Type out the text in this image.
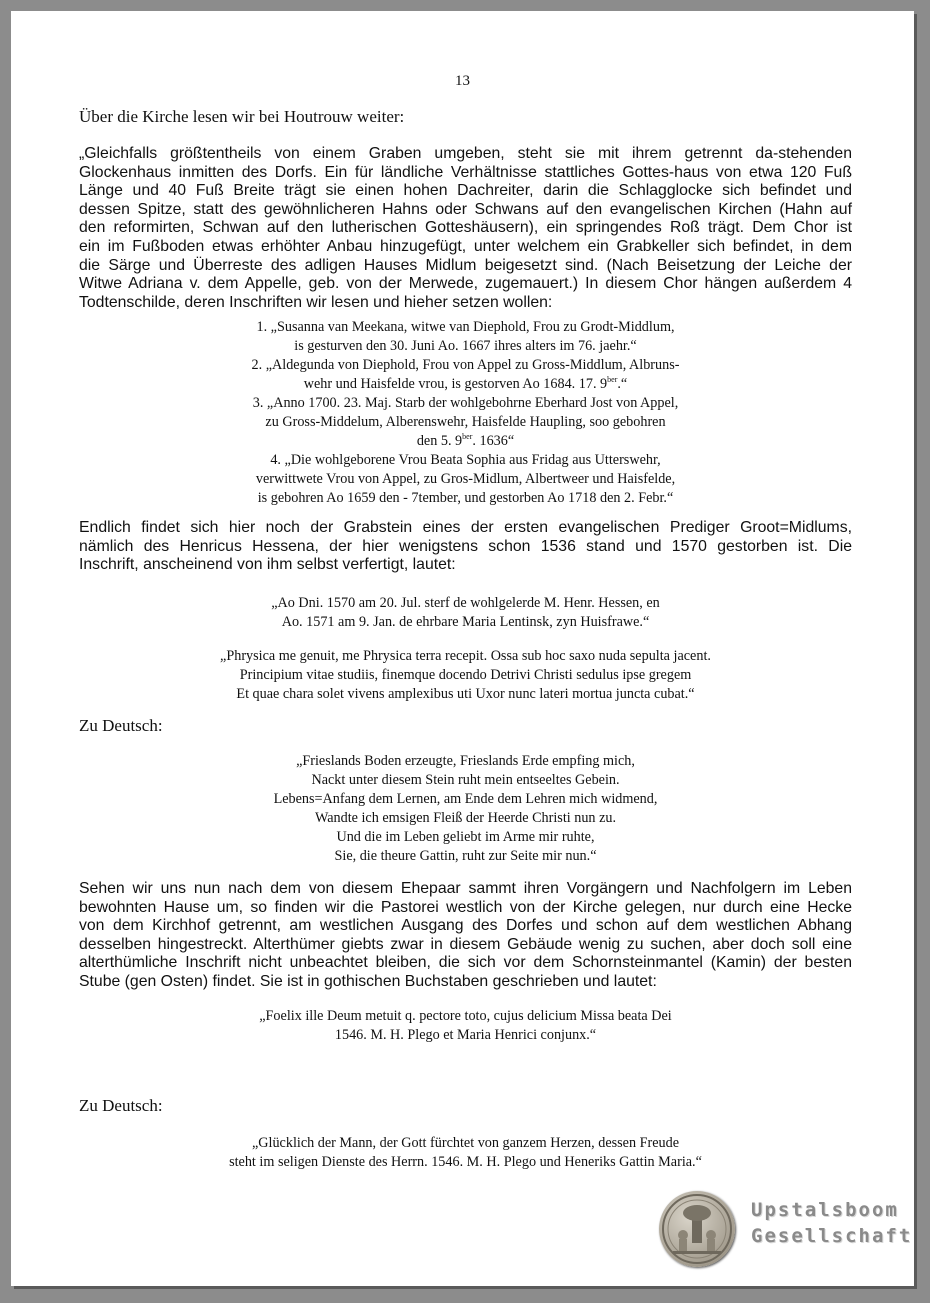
13
Über die Kirche lesen wir bei Houtrouw weiter:
„Gleichfalls größtentheils von einem Graben umgeben, steht sie mit ihrem getrennt da-stehenden
Glockenhaus inmitten des Dorfs. Ein für ländliche Verhältnisse stattliches Gottes-haus von etwa 120 Fuß
Länge und 40 Fuß Breite trägt sie einen hohen Dachreiter, darin die Schlagglocke sich befindet und
dessen Spitze, statt des gewöhnlicheren Hahns oder Schwans auf den evangelischen Kirchen (Hahn auf
den reformirten, Schwan auf den lutherischen Gotteshäusern), ein springendes Roß trägt. Dem Chor ist
ein im Fußboden etwas erhöhter Anbau hinzugefügt, unter welchem ein Grabkeller sich befindet, in dem
die Särge und Überreste des adligen Hauses Midlum beigesetzt sind. (Nach Beisetzung der Leiche der
Witwe Adriana v. dem Appelle, geb. von der Merwede, zugemauert.) In diesem Chor hängen außerdem 4
Todtenschilde, deren Inschriften wir lesen und hieher setzen wollen:
1. „Susanna van Meekana, witwe van Diephold, Frou zu Grodt-Middlum,
is gesturven den 30. Juni Ao. 1667 ihres alters im 76. jaehr.“
2. „Aldegunda von Diephold, Frou von Appel zu Gross-Middlum, Albruns-
wehr und Haisfelde vrou, is gestorven Ao 1684. 17. $9^{ber}.“$
3. „Anno 1700. 23. Maj. Starb der wohlgebohrne Eberhard Jost von Appel,
zu Gross-Middelum, Alberenswehr, Haisfelde Haupling, soo gebohren
den 5. $9^{ber}$. 1636“
4. „Die wohlgeborene Vrou Beata Sophia aus Fridag aus Utterswehr,
verwittwete Vrou von Appel, zu Gros-Midlum, Albertweer und Haisfelde,
is gebohren Ao 1659 den - 7tember, und gestorben Ao 1718 den 2. Febr.“
Endlich findet sich hier noch der Grabstein eines der ersten evangelischen Prediger Groot=Midlums,
nämlich des Henricus Hessena, der hier wenigstens schon 1536 stand und 1570 gestorben ist. Die
Inschrift, anscheinend von ihm selbst verfertigt, lautet:
„Ao Dni. 1570 am 20. Jul. sterf de wohlgelerde M. Henr. Hessen, en
Ao. 1571 am 9. Jan. de ehrbare Maria Lentinsk, zyn Huisfrawe.“
„Phrysica me genuit, me Phrysica terra recepit. Ossa sub hoc saxo nuda sepulta jacent.
Principium vitae studiis, finemque docendo Detrivi Christi sedulus ipse gregem
Et quae chara solet vivens amplexibus uti Uxor nunc lateri mortua juncta cubat.“
Zu Deutsch:
„Frieslands Boden erzeugte, Frieslands Erde empfing mich,
Nackt unter diesem Stein ruht mein entseeltes Gebein.
Lebens=Anfang dem Lernen, am Ende dem Lehren mich widmend,
Wandte ich emsigen Fleiß der Heerde Christi nun zu.
Und die im Leben geliebt im Arme mir ruhte,
Sie, die theure Gattin, ruht zur Seite mir nun.“
Sehen wir uns nun nach dem von diesem Ehepaar sammt ihren Vorgängern und Nachfolgern im Leben
bewohnten Hause um, so finden wir die Pastorei westlich von der Kirche gelegen, nur durch eine Hecke
von dem Kirchhof getrennt, am westlichen Ausgang des Dorfes und schon auf dem westlichen Abhang
desselben hingestreckt. Alterthümer giebts zwar in diesem Gebäude wenig zu suchen, aber doch soll eine
alterthümliche Inschrift nicht unbeachtet bleiben, die sich vor dem Schornsteinmantel (Kamin) der besten
Stube (gen Osten) findet. Sie ist in gothischen Buchstaben geschrieben und lautet:
„Foelix ille Deum metuit q. pectore toto, cujus delicium Missa beata Dei
1546. M. H. Plego et Maria Henrici conjunx.“
Zu Deutsch:
„Glücklich der Mann, der Gott fürchtet von ganzem Herzen, dessen Freude
steht im seligen Dienste des Herrn. 1546. M. H. Plego und Heneriks Gattin Maria.“
Upstalsboom
Gesellschaft
